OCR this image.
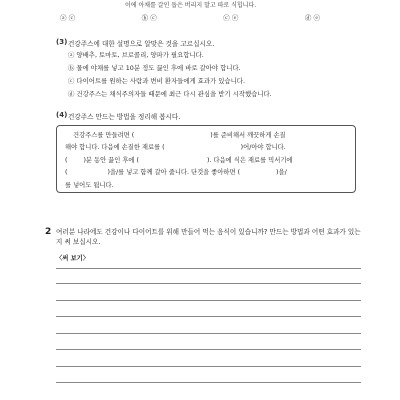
이에 아채를 갈인 돕은 버리지 말고 따로 식힙니다.
ⓐ ⓒ	ⓑ ⓒ	ⓒ ⓔ	ⓓ ⓔ
(3) 건강주스에 대한 설명으로 알맞은 것을 고르십시오.
ⓐ 양배추, 토마토, 브로콜리, 양파가 필요합니다.
ⓑ 물에 야채를 넣고 10분 정도 끓인 후에 바로 갈아야 합니다.
ⓒ 다이어트를 원하는 사람과 변비 환자들에게 효과가 있습니다.
ⓓ 건강주스는 채식주의자들 때문에 최근 다시 관심을 받기 시작했습니다.
(4) 건강주스 만드는 방법을 정리해 봅시다.
건강주스를 만들려면 (                                      )를 준비해서 깨끗하게 손질
해야 합니다. 다음에 손질한 재료를 (                                      )어/아야 합니다.
(        )분 동안 끓인 후에 (                                  ). 다음에 식은 재료를 믹서기에
(                    )을/를 넣고 함께 갈아 줍니다. 단것을 좋아하면 (                  )을/
를 넣어도 됩니다.
2 여러분 나라에도 건강이나 다이어트를 위해 만들어 먹는 음식이 있습니까? 만드는 방법과 어떤 효과가 있는지 써 보십시오.
〈써 보기〉
